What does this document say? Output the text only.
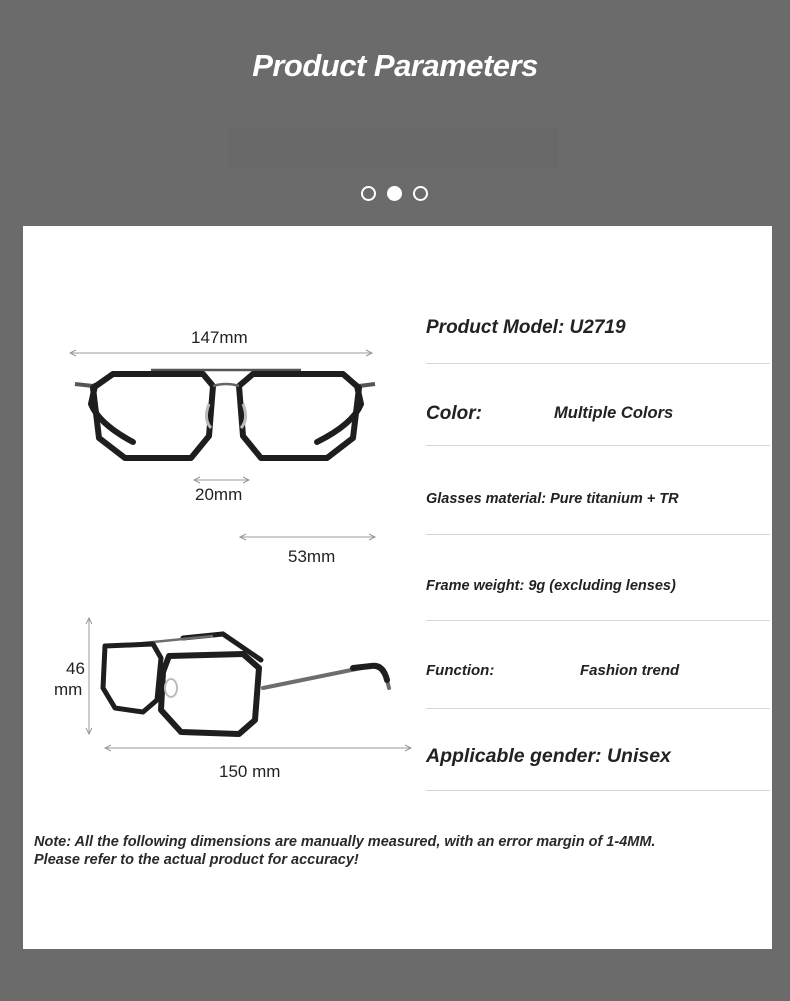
Product Parameters
147mm
20mm
53mm
46
mm
150 mm
Product Model: U2719
Color:	Multiple Colors
Glasses material: Pure titanium + TR
Frame weight: 9g (excluding lenses)
Function:	Fashion trend
Applicable gender: Unisex
Note: All the following dimensions are manually measured, with an error margin of 1-4MM.
Please refer to the actual product for accuracy!
